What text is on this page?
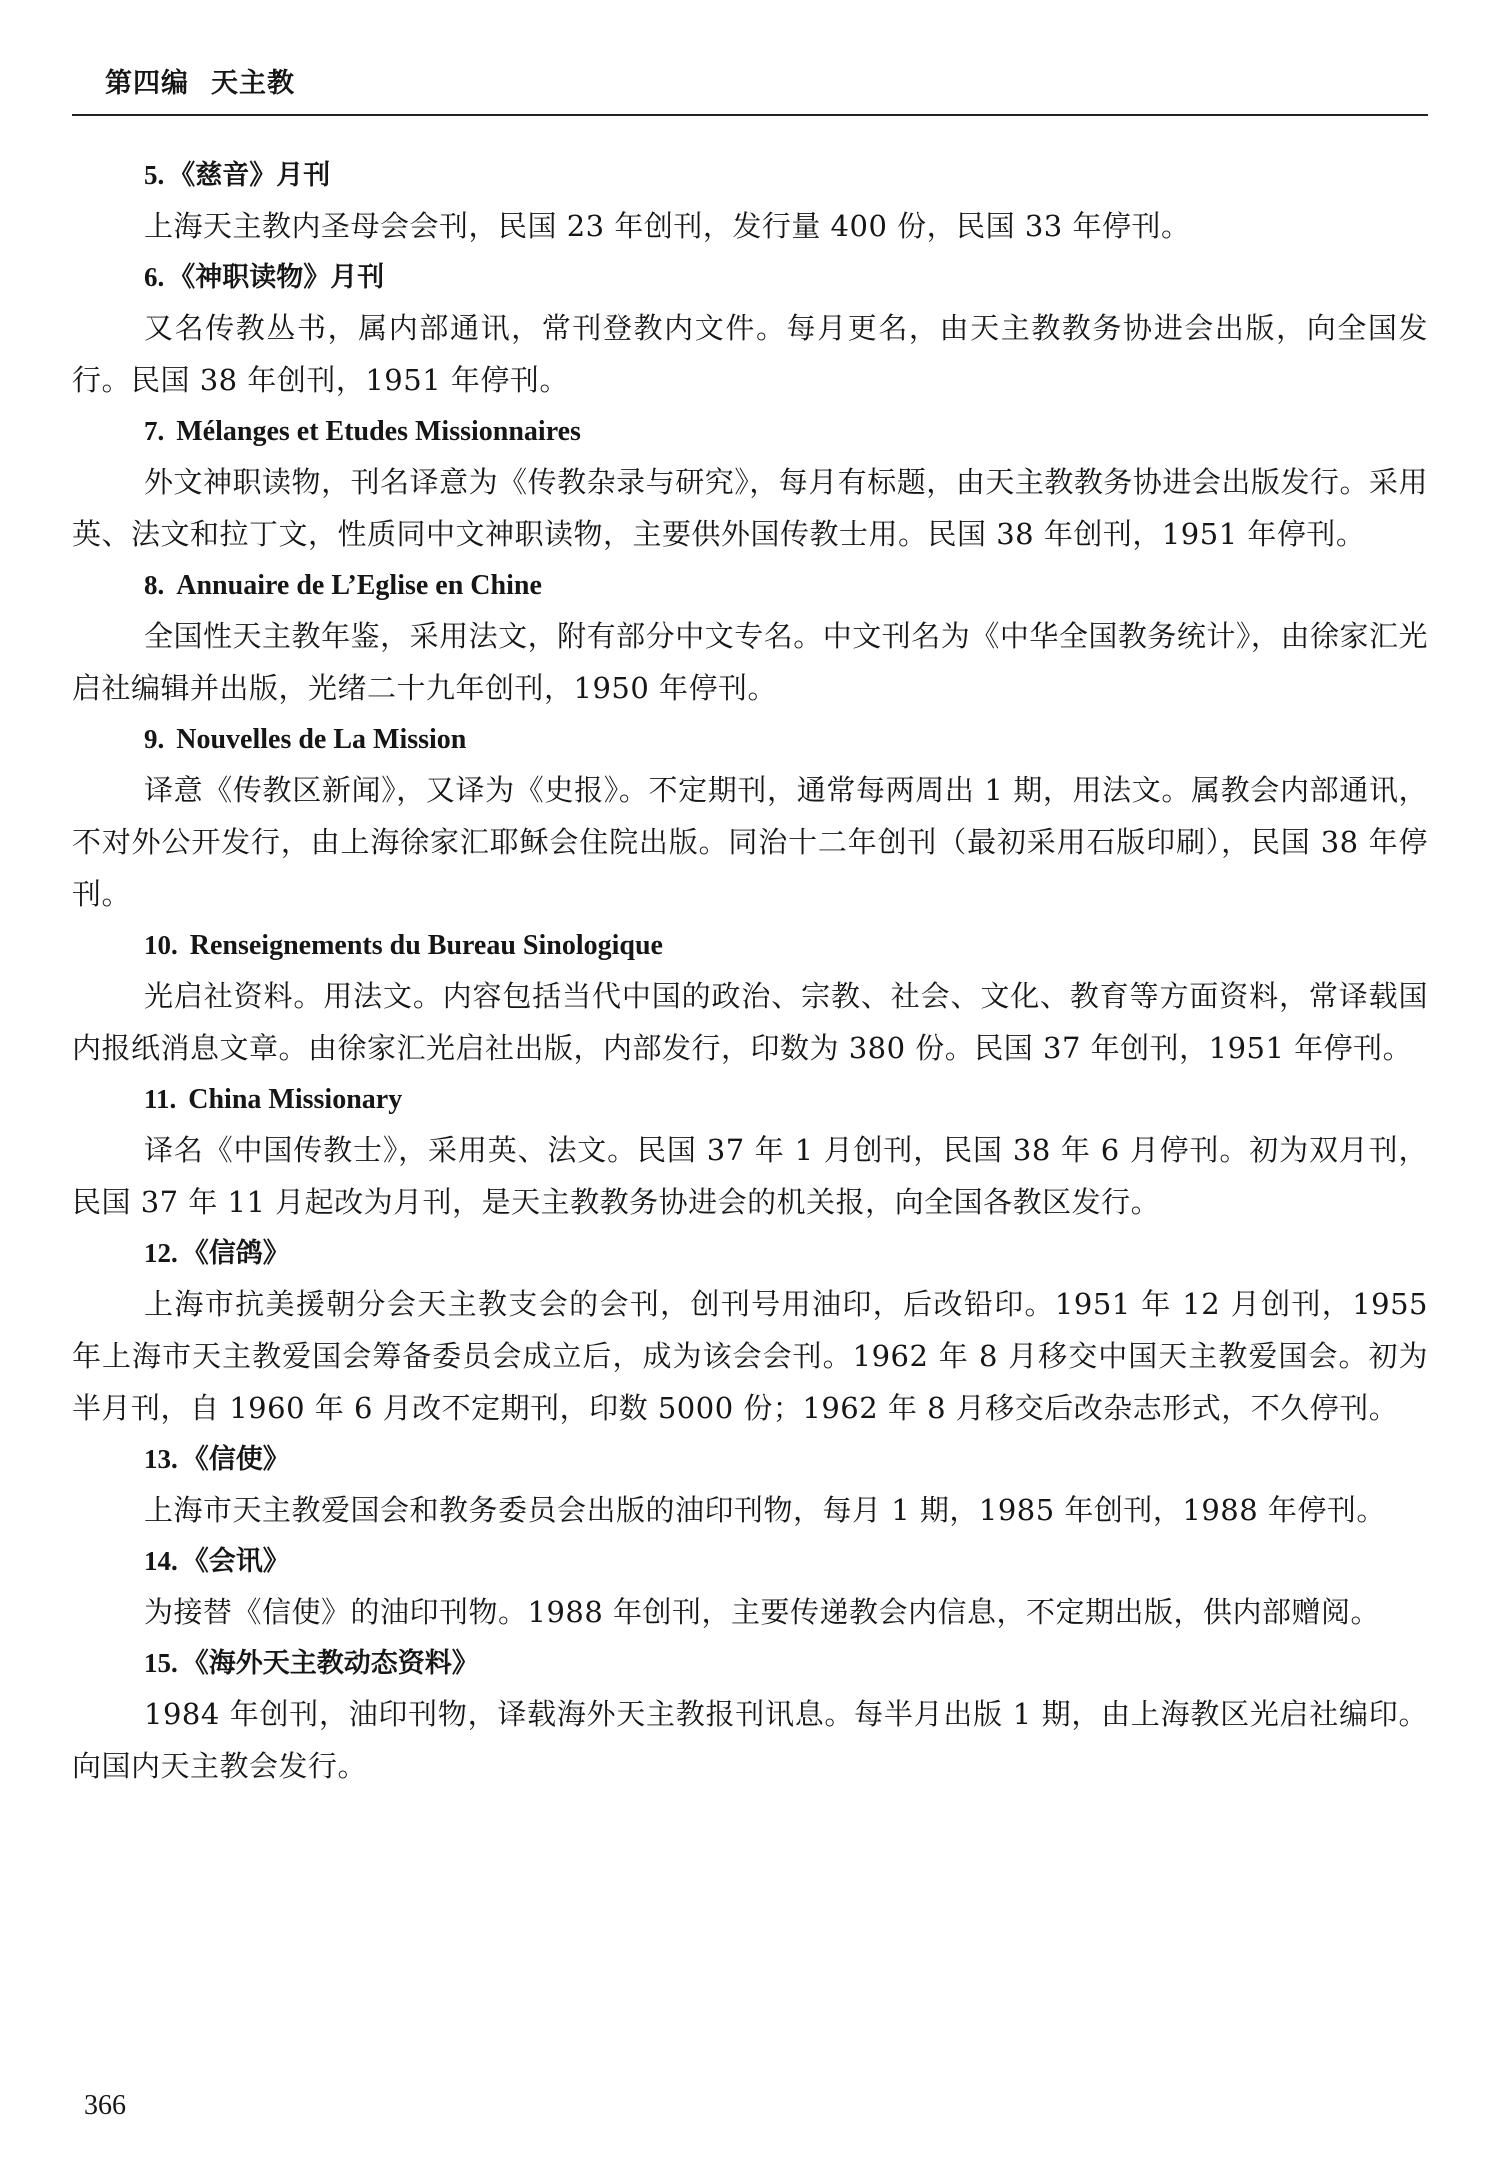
第四编 天主教
5. 《慈音》月刊

上海天主教内圣母会会刊，民国 23 年创刊，发行量 400 份，民国 33 年停刊。

6. 《神职读物》月刊

又名传教丛书，属内部通讯，常刊登教内文件。每月更名，由天主教教务协进会出版，向全国发行。民国 38 年创刊，1951 年停刊。

7. Mélanges et Etudes Missionnaires

外文神职读物，刊名译意为《传教杂录与研究》，每月有标题，由天主教教务协进会出版发行。采用英、法文和拉丁文，性质同中文神职读物，主要供外国传教士用。民国 38 年创刊，1951 年停刊。

8. Annuaire de L’Eglise en Chine

全国性天主教年鉴，采用法文，附有部分中文专名。中文刊名为《中华全国教务统计》，由徐家汇光启社编辑并出版，光绪二十九年创刊，1950 年停刊。

9. Nouvelles de La Mission

译意《传教区新闻》，又译为《史报》。不定期刊，通常每两周出 1 期，用法文。属教会内部通讯，不对外公开发行，由上海徐家汇耶稣会住院出版。同治十二年创刊（最初采用石版印刷），民国 38 年停刊。

10. Renseignements du Bureau Sinologique

光启社资料。用法文。内容包括当代中国的政治、宗教、社会、文化、教育等方面资料，常译载国内报纸消息文章。由徐家汇光启社出版，内部发行，印数为 380 份。民国 37 年创刊，1951 年停刊。

11. China Missionary

译名《中国传教士》，采用英、法文。民国 37 年 1 月创刊，民国 38 年 6 月停刊。初为双月刊，民国 37 年 11 月起改为月刊，是天主教教务协进会的机关报，向全国各教区发行。

12. 《信鸽》

上海市抗美援朝分会天主教支会的会刊，创刊号用油印，后改铅印。1951 年 12 月创刊，1955 年上海市天主教爱国会筹备委员会成立后，成为该会会刊。1962 年 8 月移交中国天主教爱国会。初为半月刊，自 1960 年 6 月改不定期刊，印数 5000 份；1962 年 8 月移交后改杂志形式，不久停刊。

13. 《信使》

上海市天主教爱国会和教务委员会出版的油印刊物，每月 1 期，1985 年创刊，1988 年停刊。

14. 《会讯》

为接替《信使》的油印刊物。1988 年创刊，主要传递教会内信息，不定期出版，供内部赠阅。

15. 《海外天主教动态资料》

1984 年创刊，油印刊物，译载海外天主教报刊讯息。每半月出版 1 期，由上海教区光启社编印。向国内天主教会发行。

366
